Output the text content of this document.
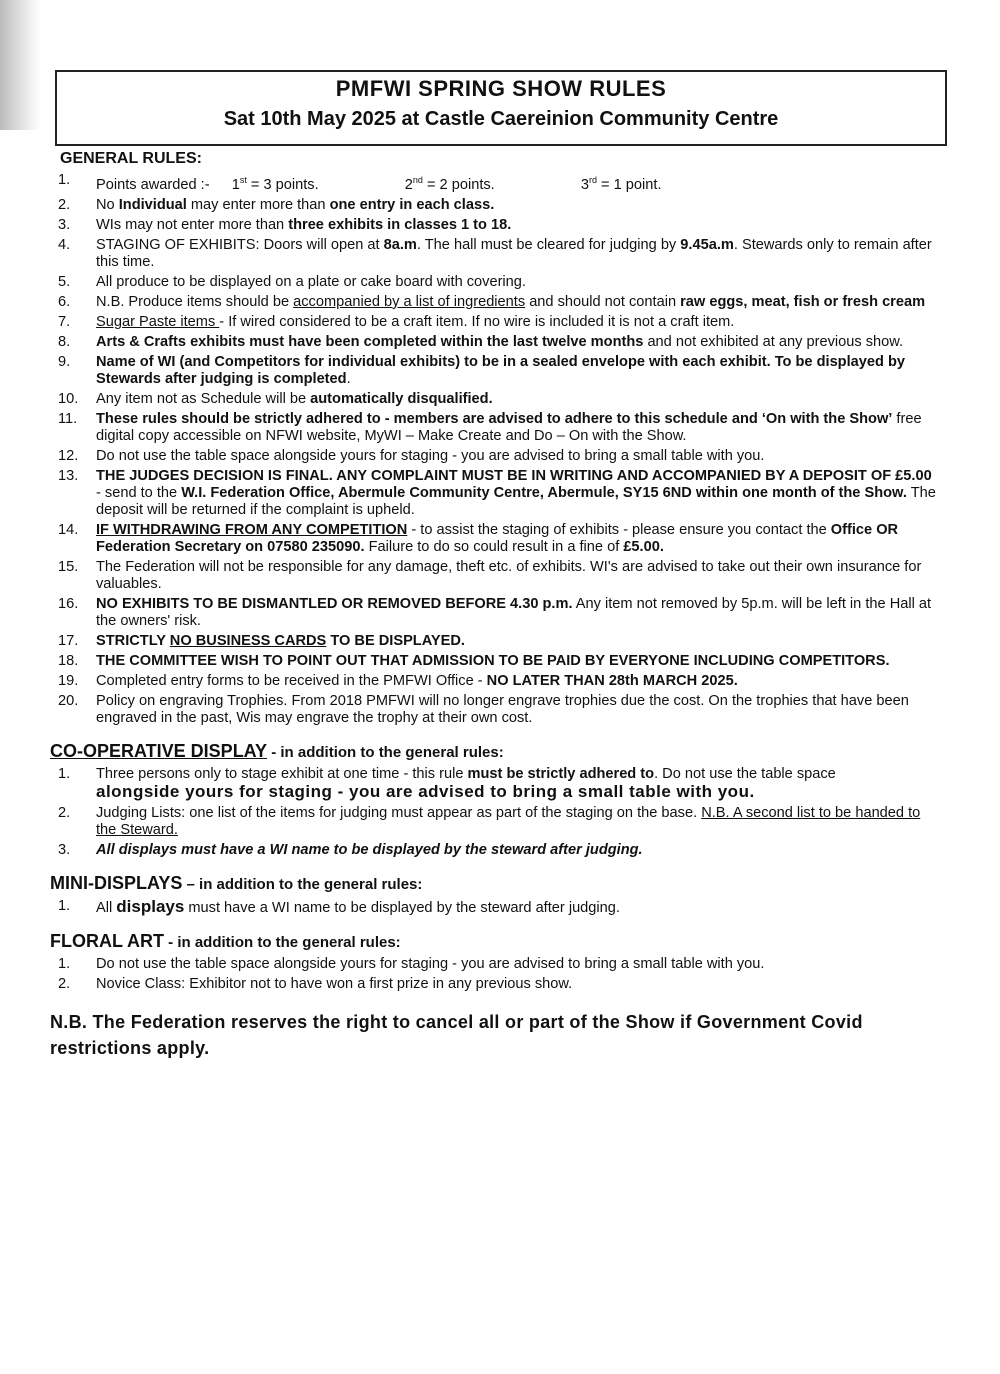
PMFWI SPRING SHOW RULES
Sat 10th May 2025 at Castle Caereinion Community Centre
GENERAL RULES:
1.	Points awarded :- 1st = 3 points.	2nd = 2 points.	3rd = 1 point.
2.	No Individual may enter more than one entry in each class.
3.	WIs may not enter more than three exhibits in classes 1 to 18.
4.	STAGING OF EXHIBITS: Doors will open at 8a.m. The hall must be cleared for judging by 9.45a.m. Stewards only to remain after this time.
5.	All produce to be displayed on a plate or cake board with covering.
6.	N.B. Produce items should be accompanied by a list of ingredients and should not contain raw eggs, meat, fish or fresh cream
7.	Sugar Paste items - If wired considered to be a craft item. If no wire is included it is not a craft item.
8.	Arts & Crafts exhibits must have been completed within the last twelve months and not exhibited at any previous show.
9.	Name of WI (and Competitors for individual exhibits) to be in a sealed envelope with each exhibit. To be displayed by Stewards after judging is completed.
10.	Any item not as Schedule will be automatically disqualified.
11.	These rules should be strictly adhered to - members are advised to adhere to this schedule and ‘On with the Show’ free digital copy accessible on NFWI website, MyWI – Make Create and Do – On with the Show.
12.	Do not use the table space alongside yours for staging - you are advised to bring a small table with you.
13.	THE JUDGES DECISION IS FINAL. ANY COMPLAINT MUST BE IN WRITING AND ACCOMPANIED BY A DEPOSIT OF £5.00 - send to the W.I. Federation Office, Abermule Community Centre, Abermule, SY15 6ND within one month of the Show. The deposit will be returned if the complaint is upheld.
14.	IF WITHDRAWING FROM ANY COMPETITION - to assist the staging of exhibits - please ensure you contact the Office OR Federation Secretary on 07580 235090. Failure to do so could result in a fine of £5.00.
15.	The Federation will not be responsible for any damage, theft etc. of exhibits. WI's are advised to take out their own insurance for valuables.
16.	NO EXHIBITS TO BE DISMANTLED OR REMOVED BEFORE 4.30 p.m. Any item not removed by 5p.m. will be left in the Hall at the owners' risk.
17.	STRICTLY NO BUSINESS CARDS TO BE DISPLAYED.
18.	THE COMMITTEE WISH TO POINT OUT THAT ADMISSION TO BE PAID BY EVERYONE INCLUDING COMPETITORS.
19.	Completed entry forms to be received in the PMFWI Office - NO LATER THAN 28th MARCH 2025.
20.	Policy on engraving Trophies. From 2018 PMFWI will no longer engrave trophies due the cost. On the trophies that have been engraved in the past, Wis may engrave the trophy at their own cost.
CO-OPERATIVE DISPLAY - in addition to the general rules:
1.	Three persons only to stage exhibit at one time - this rule must be strictly adhered to. Do not use the table space
alongside yours for staging - you are advised to bring a small table with you.
2.	Judging Lists: one list of the items for judging must appear as part of the staging on the base. N.B. A second list to be handed to the Steward.
3.	All displays must have a WI name to be displayed by the steward after judging.
MINI-DISPLAYS – in addition to the general rules:
1.	All displays must have a WI name to be displayed by the steward after judging.
FLORAL ART - in addition to the general rules:
1.	Do not use the table space alongside yours for staging - you are advised to bring a small table with you.
2.	Novice Class: Exhibitor not to have won a first prize in any previous show.
N.B. The Federation reserves the right to cancel all or part of the Show if Government Covid restrictions apply.
